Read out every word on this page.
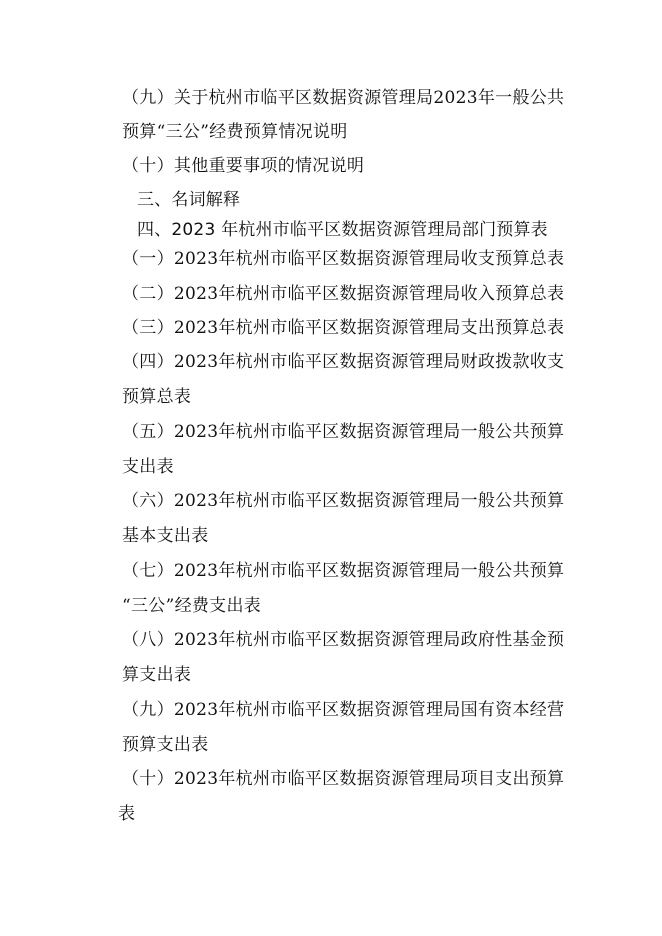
（九）关于杭州市临平区数据资源管理局2023年一般公共
预算“三公”经费预算情况说明
（十）其他重要事项的情况说明
三、名词解释
四、2023 年杭州市临平区数据资源管理局部门预算表
（一）2023年杭州市临平区数据资源管理局收支预算总表
（二）2023年杭州市临平区数据资源管理局收入预算总表
（三）2023年杭州市临平区数据资源管理局支出预算总表
（四）2023年杭州市临平区数据资源管理局财政拨款收支
预算总表
（五）2023年杭州市临平区数据资源管理局一般公共预算
支出表
（六）2023年杭州市临平区数据资源管理局一般公共预算
基本支出表
（七）2023年杭州市临平区数据资源管理局一般公共预算
“三公”经费支出表
（八）2023年杭州市临平区数据资源管理局政府性基金预
算支出表
（九）2023年杭州市临平区数据资源管理局国有资本经营
预算支出表
（十）2023年杭州市临平区数据资源管理局项目支出预算
表
